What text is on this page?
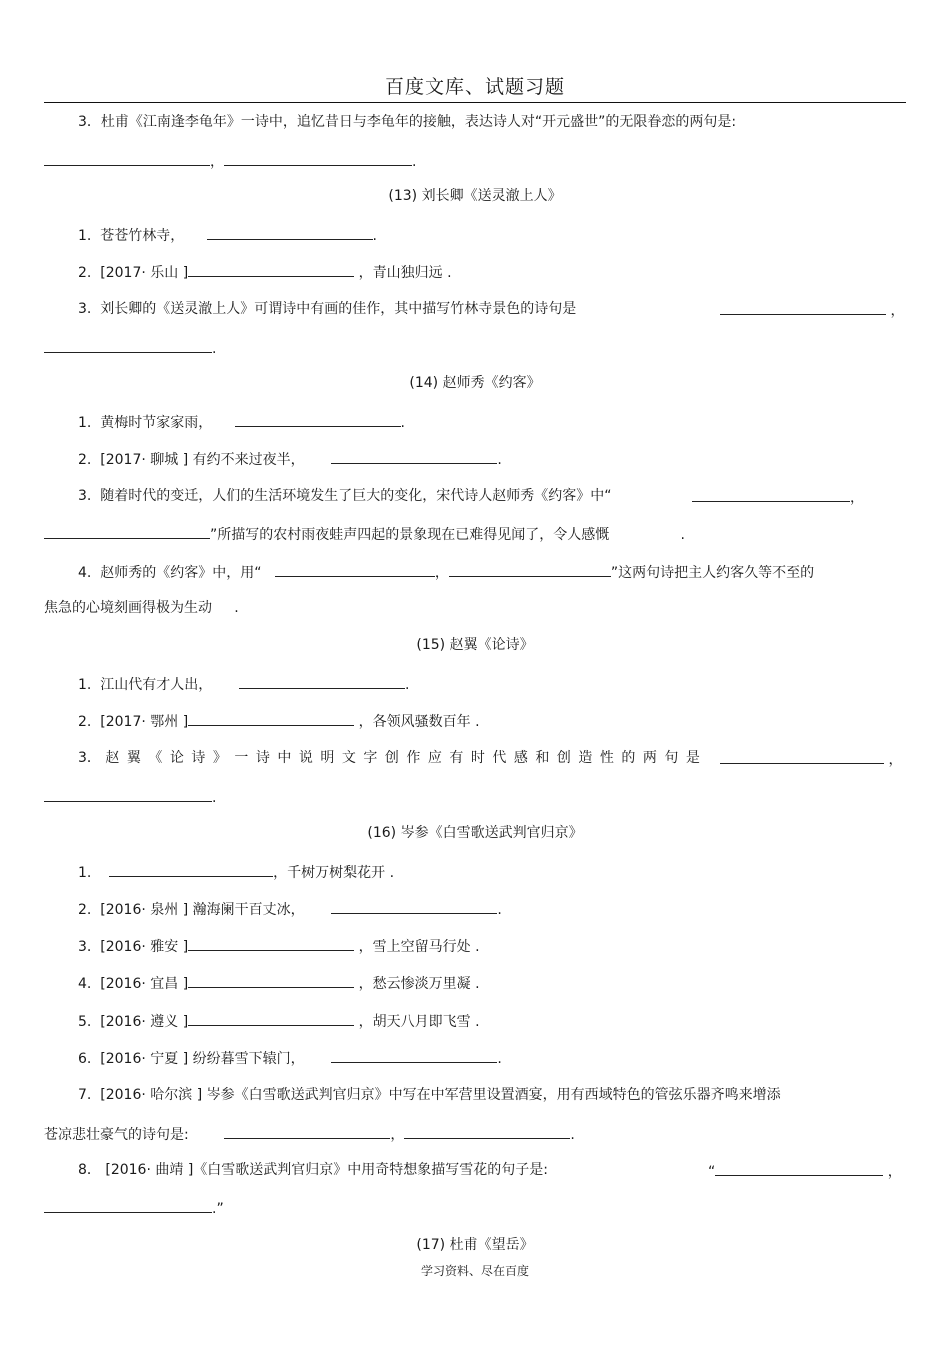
百度文库、试题习题
3．杜甫《江南逢李龟年》一诗中，追忆昔日与李龟年的接触，表达诗人对“开元盛世”的无限眷恋的两句是:
，	.
(13) 刘长卿《送灵澈上人》
1. 苍苍竹林寺，	.
2. [2017· 乐山 ]	，青山独归远 .
3. 刘长卿的《送灵澈上人》可谓诗中有画的佳作，其中描写竹林寺景色的诗句是	，
.
(14) 赵师秀《约客》
1. 黄梅时节家家雨，	.
2. [2017· 聊城 ] 有约不来过夜半，	.
3. 随着时代的变迁，人们的生活环境发生了巨大的变化，宋代诗人赵师秀《约客》中“	，
”所描写的农村雨夜蛙声四起的景象现在已难得见闻了，令人感慨	.
4. 赵师秀的《约客》中，用“	，	”这两句诗把主人约客久等不至的
焦急的心境刻画得极为生动 .
(15) 赵翼《论诗》
1. 江山代有才人出，	.
2. [2017· 鄂州 ]	，各领风骚数百年 .
3． 赵翼《论诗》一诗中说明文字创作应有时代感和创造性的两句是	，
.
(16) 岑参《白雪歌送武判官归京》
1.	，千树万树梨花开 .
2. [2016· 泉州 ] 瀚海阑干百丈冰，	.
3. [2016· 雅安 ]	，雪上空留马行处 .
4. [2016· 宜昌 ]	，愁云惨淡万里凝 .
5. [2016· 遵义 ]	，胡天八月即飞雪 .
6. [2016· 宁夏 ] 纷纷暮雪下辕门，	.
7. [2016· 哈尔滨 ] 岑参《白雪歌送武判官归京》中写在中军营里设置酒宴，用有西域特色的管弦乐器齐鸣来增添
苍凉悲壮豪气的诗句是:	，	.
8． [2016· 曲靖 ]《白雪歌送武判官归京》中用奇特想象描写雪花的句子是:	“	，
.”
(17) 杜甫《望岳》
学习资料、尽在百度
